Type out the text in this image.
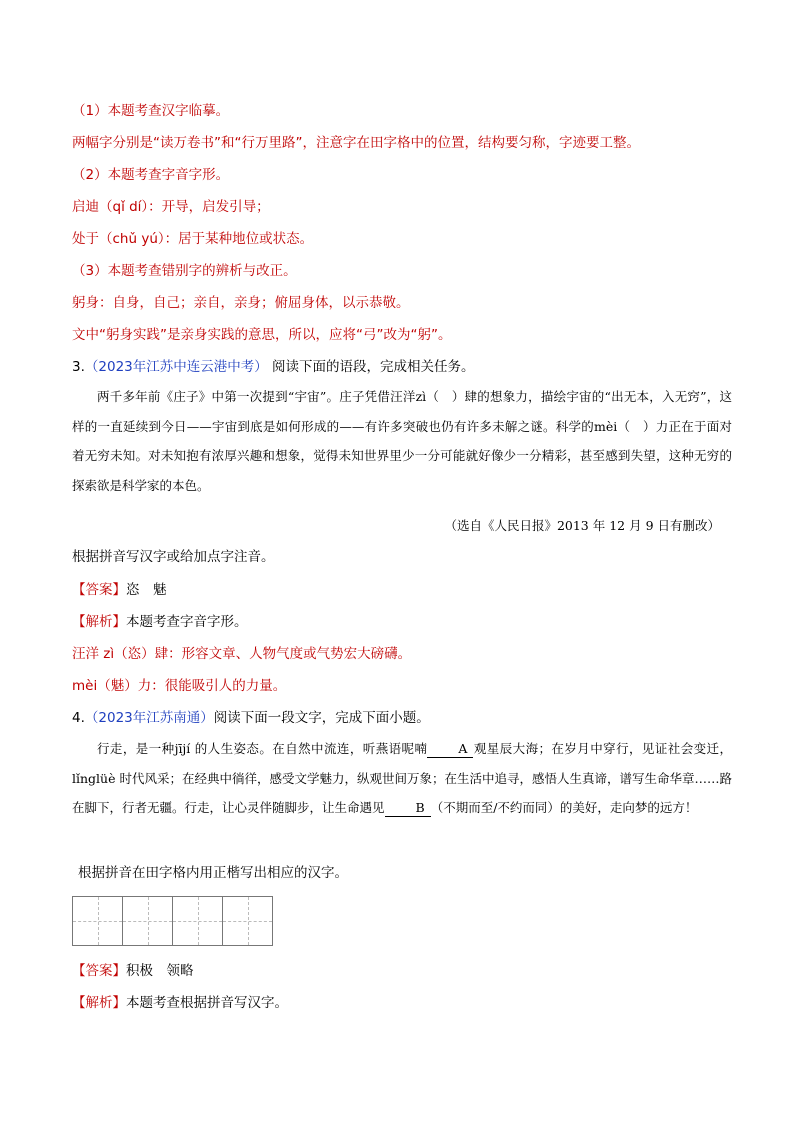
（1）本题考查汉字临摹。
两幅字分别是“读万卷书”和“行万里路”，注意字在田字格中的位置，结构要匀称，字迹要工整。
（2）本题考查字音字形。
启迪（qǐ dí）：开导，启发引导；
处于（chǔ yú）：居于某种地位或状态。
（3）本题考查错别字的辨析与改正。
躬身：自身，自己；亲自，亲身；俯屈身体，以示恭敬。
文中“躬身实践”是亲身实践的意思，所以，应将“弓”改为“躬”。
3.（2023年江苏中连云港中考） 阅读下面的语段，完成相关任务。

两千多年前《庄子》中第一次提到“宇宙”。庄子凭借汪洋zì（　）肆的想象力，描绘宇宙的“出无本，入无窍”，这样的一直延续到今日——宇宙到底是如何形成的——有许多突破也仍有许多未解之谜。科学的mèi（　）力正在于面对着无穷未知。对未知抱有浓厚兴趣和想象，觉得未知世界里少一分可能就好像少一分精彩，甚至感到失望，这种无穷的探索欲是科学家的本色。

（选自《人民日报》2013 年 12 月 9 日有删改）
根据拼音写汉字或给加点字注音。
【答案】恣　魅
【解析】本题考查字音字形。
汪洋 zì（恣）肆：形容文章、人物气度或气势宏大磅礴。
mèi（魅）力：很能吸引人的力量。
4.（2023年江苏南通）阅读下面一段文字，完成下面小题。

行走，是一种jījí 的人生姿态。在自然中流连，听燕语呢喃 A 观星辰大海；在岁月中穿行，见证社会变迁，lǐnglüè 时代风采；在经典中徜徉，感受文学魅力，纵观世间万象；在生活中追寻，感悟人生真谛，谱写生命华章……路在脚下，行者无疆。行走，让心灵伴随脚步，让生命遇见 B （不期而至/不约而同）的美好，走向梦的远方！

根据拼音在田字格内用正楷写出相应的汉字。
【答案】积极　领略
【解析】本题考查根据拼音写汉字。
